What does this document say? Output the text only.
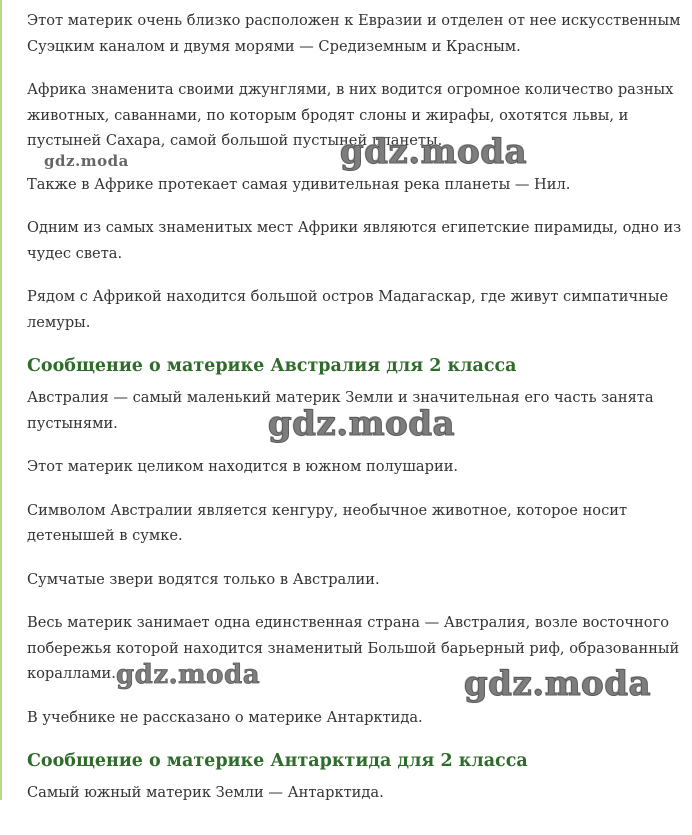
Этот материк очень близко расположен к Евразии и отделен от нее искусственным Суэцким каналом и двумя морями — Средиземным и Красным.

Африка знаменита своими джунглями, в них водится огромное количество разных животных, саваннами, по которым бродят слоны и жирафы, охотятся львы, и пустыней Сахара, самой большой пустыней планеты.

Также в Африке протекает самая удивительная река планеты — Нил.

Одним из самых знаменитых мест Африки являются египетские пирамиды, одно из чудес света.

Рядом с Африкой находится большой остров Мадагаскар, где живут симпатичные лемуры.

Сообщение о материке Австралия для 2 класса

Австралия — самый маленький материк Земли и значительная его часть занята пустынями.

Этот материк целиком находится в южном полушарии.

Символом Австралии является кенгуру, необычное животное, которое носит детенышей в сумке.

Сумчатые звери водятся только в Австралии.

Весь материк занимает одна единственная страна — Австралия, возле восточного побережья которой находится знаменитый Большой барьерный риф, образованный кораллами.

В учебнике не рассказано о материке Антарктида.

Сообщение о материке Антарктида для 2 класса

Самый южный материк Земли — Антарктида.

gdz.moda	gdz.moda
gdz.moda
gdz.moda	gdz.moda
